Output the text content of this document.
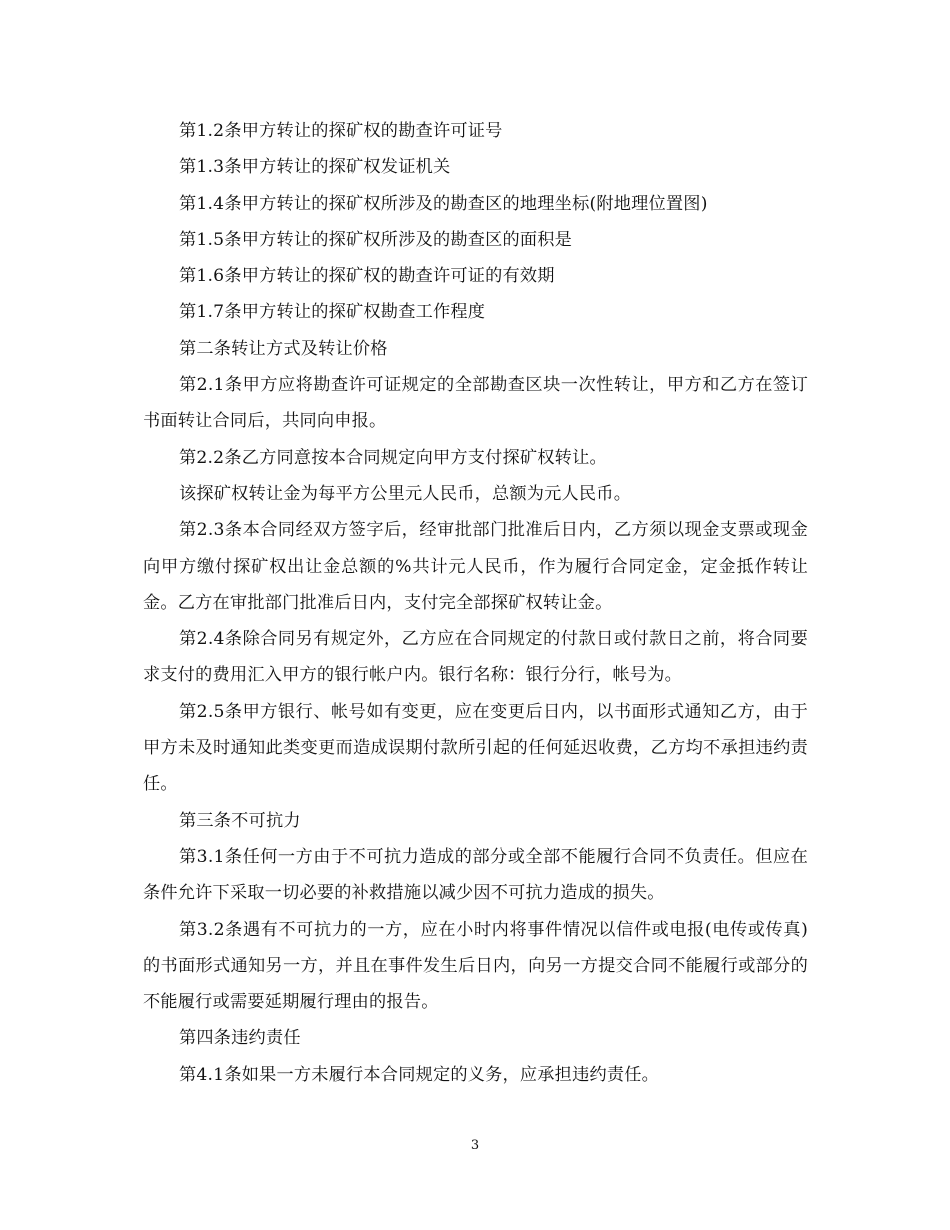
第1.2条甲方转让的探矿权的勘查许可证号

第1.3条甲方转让的探矿权发证机关

第1.4条甲方转让的探矿权所涉及的勘查区的地理坐标(附地理位置图)

第1.5条甲方转让的探矿权所涉及的勘查区的面积是

第1.6条甲方转让的探矿权的勘查许可证的有效期

第1.7条甲方转让的探矿权勘查工作程度

第二条转让方式及转让价格

第2.1条甲方应将勘查许可证规定的全部勘查区块一次性转让，甲方和乙方在签订书面转让合同后，共同向申报。

第2.2条乙方同意按本合同规定向甲方支付探矿权转让。

该探矿权转让金为每平方公里元人民币，总额为元人民币。

第2.3条本合同经双方签字后，经审批部门批准后日内，乙方须以现金支票或现金向甲方缴付探矿权出让金总额的%共计元人民币，作为履行合同定金，定金抵作转让金。乙方在审批部门批准后日内，支付完全部探矿权转让金。

第2.4条除合同另有规定外，乙方应在合同规定的付款日或付款日之前，将合同要求支付的费用汇入甲方的银行帐户内。银行名称：银行分行，帐号为。

第2.5条甲方银行、帐号如有变更，应在变更后日内，以书面形式通知乙方，由于甲方未及时通知此类变更而造成误期付款所引起的任何延迟收费，乙方均不承担违约责任。

第三条不可抗力

第3.1条任何一方由于不可抗力造成的部分或全部不能履行合同不负责任。但应在条件允许下采取一切必要的补救措施以减少因不可抗力造成的损失。

第3.2条遇有不可抗力的一方，应在小时内将事件情况以信件或电报(电传或传真)的书面形式通知另一方，并且在事件发生后日内，向另一方提交合同不能履行或部分的不能履行或需要延期履行理由的报告。

第四条违约责任

第4.1条如果一方未履行本合同规定的义务，应承担违约责任。

3
